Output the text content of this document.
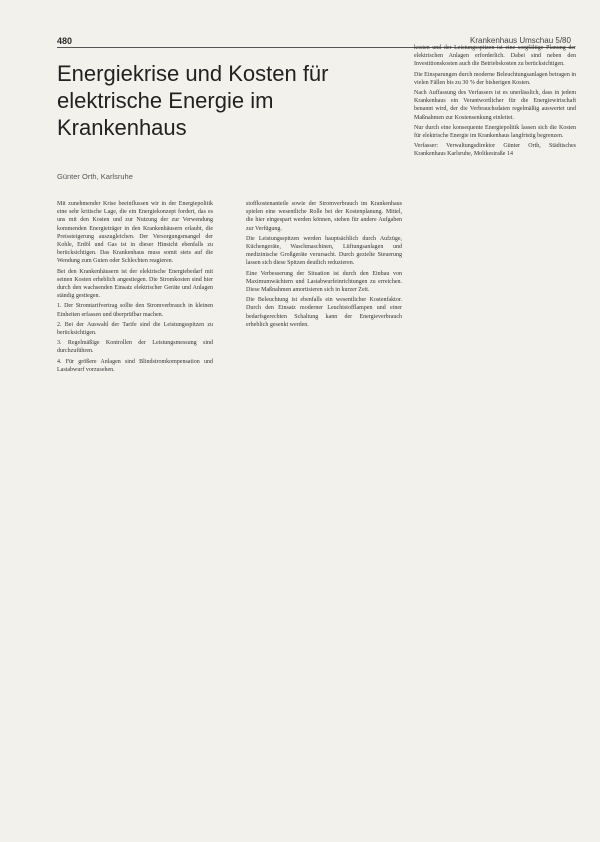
480	Krankenhaus Umschau 5/80
Energiekrise und Kosten für elektrische Energie im Krankenhaus
Günter Orth, Karlsruhe

Mit zunehmender Krise beeinflussen wir in der Energiepolitik eine sehr kritische Lage, die ein Energiekonzept fordert, das es uns mit den Kosten und zur Nutzung der zur Verwendung kommenden Energieträger in den Krankenhäusern erlaubt, die Preissteigerung auszugleichen. Der Versorgungsmangel der Kohle, Erdöl und Gas ist in dieser Hinsicht ebenfalls zu berücksichtigen. Das Krankenhaus muss somit stets auf die Wendung zum Guten oder Schlechten reagieren.

Bei den Krankenhäusern ist der elektrische Energiebedarf mit seinen Kosten erheblich angestiegen. Die Stromkosten sind hier durch den wachsenden Einsatz elektrischer Geräte und Anlagen ständig gestiegen.

1. Der Stromtarifvertrag sollte den Stromverbrauch in kleinen Einheiten erfassen und überprüfbar machen.

2. Bei der Auswahl der Tarife sind die Leistungsspitzen zu berücksichtigen.

3. Regelmäßige Kontrollen der Leistungsmessung sind durchzuführen.

4. Für größere Anlagen sind Blindstromkompensation und Lastabwurf vorzusehen.

stoffkostenanteile sowie der Stromverbrauch im Krankenhaus spielen eine wesentliche Rolle bei der Kostenplanung. Mittel, die hier eingespart werden können, stehen für andere Aufgaben zur Verfügung.

Die Leistungsspitzen werden hauptsächlich durch Aufzüge, Küchengeräte, Waschmaschinen, Lüftungsanlagen und medizinische Großgeräte verursacht. Durch gezielte Steuerung lassen sich diese Spitzen deutlich reduzieren.

Eine Verbesserung der Situation ist durch den Einbau von Maximumwächtern und Lastabwurfeinrichtungen zu erreichen. Diese Maßnahmen amortisieren sich in kurzer Zeit.

Die Beleuchtung ist ebenfalls ein wesentlicher Kostenfaktor. Durch den Einsatz moderner Leuchtstofflampen und einer bedarfsgerechten Schaltung kann der Energieverbrauch erheblich gesenkt werden.

kosten und der Leistungsspitzen ist eine sorgfältige Planung der elektrischen Anlagen erforderlich. Dabei sind neben den Investitionskosten auch die Betriebskosten zu berücksichtigen.

Die Einsparungen durch moderne Beleuchtungsanlagen betragen in vielen Fällen bis zu 30 % der bisherigen Kosten.

Nach Auffassung des Verfassers ist es unerlässlich, dass in jedem Krankenhaus ein Verantwortlicher für die Energiewirtschaft benannt wird, der die Verbrauchsdaten regelmäßig auswertet und Maßnahmen zur Kostensenkung einleitet.

Nur durch eine konsequente Energiepolitik lassen sich die Kosten für elektrische Energie im Krankenhaus langfristig begrenzen.

Verfasser: Verwaltungsdirektor Günter Orth, Städtisches Krankenhaus Karlsruhe, Moltkestraße 14
